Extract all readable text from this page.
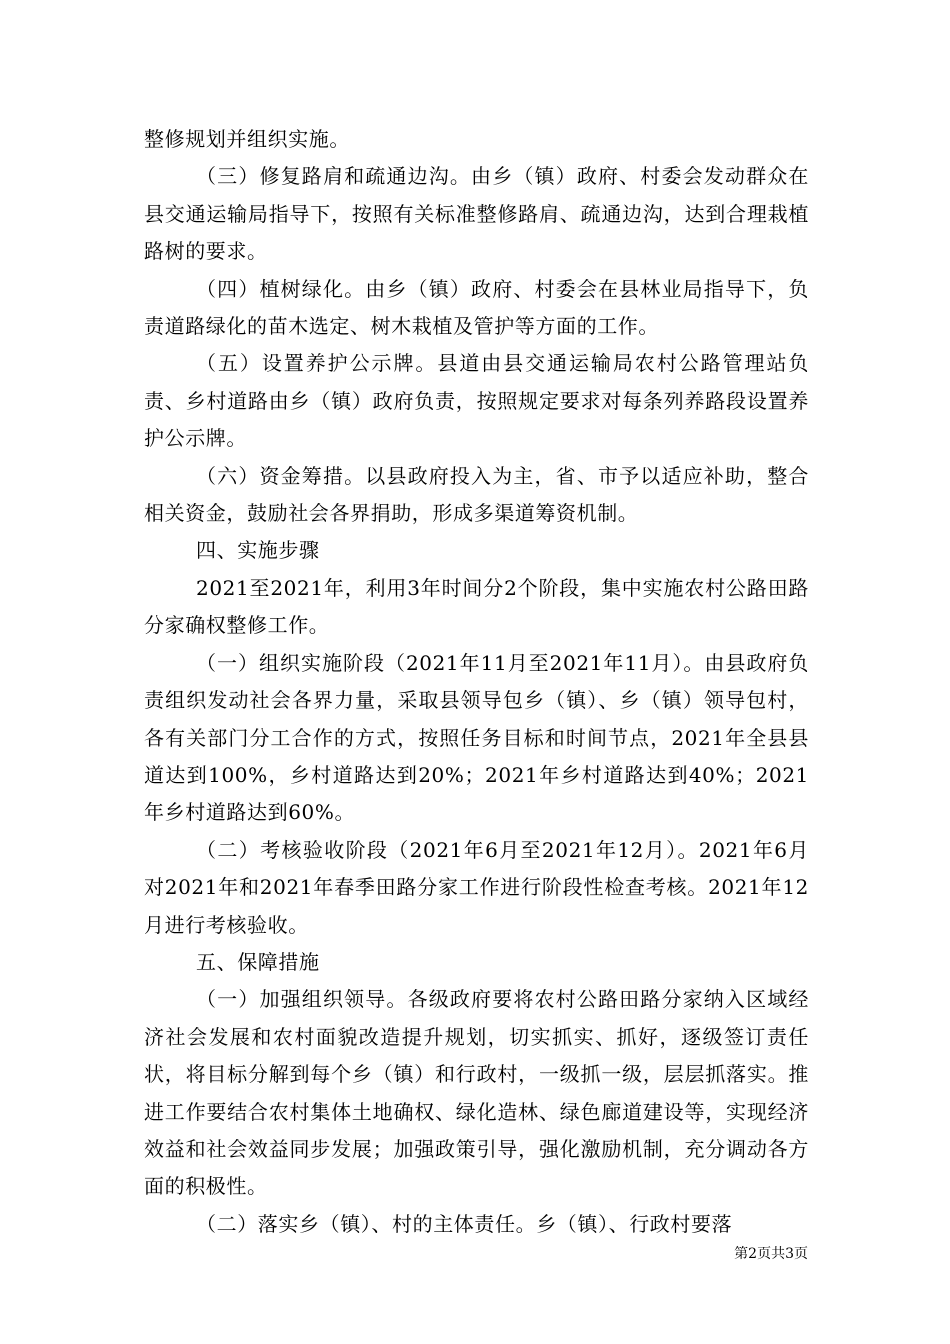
整修规划并组织实施。

（三）修复路肩和疏通边沟。由乡（镇）政府、村委会发动群众在县交通运输局指导下，按照有关标准整修路肩、疏通边沟，达到合理栽植路树的要求。

（四）植树绿化。由乡（镇）政府、村委会在县林业局指导下，负责道路绿化的苗木选定、树木栽植及管护等方面的工作。

（五）设置养护公示牌。县道由县交通运输局农村公路管理站负责、乡村道路由乡（镇）政府负责，按照规定要求对每条列养路段设置养护公示牌。

（六）资金筹措。以县政府投入为主，省、市予以适应补助，整合相关资金，鼓励社会各界捐助，形成多渠道筹资机制。

四、实施步骤

2021至2021年，利用3年时间分2个阶段，集中实施农村公路田路分家确权整修工作。

（一）组织实施阶段（2021年11月至2021年11月）。由县政府负责组织发动社会各界力量，采取县领导包乡（镇）、乡（镇）领导包村，各有关部门分工合作的方式，按照任务目标和时间节点，2021年全县县道达到100%，乡村道路达到20%；2021年乡村道路达到40%；2021年乡村道路达到60%。

（二）考核验收阶段（2021年6月至2021年12月）。2021年6月对2021年和2021年春季田路分家工作进行阶段性检查考核。2021年12月进行考核验收。

五、保障措施

（一）加强组织领导。各级政府要将农村公路田路分家纳入区域经济社会发展和农村面貌改造提升规划，切实抓实、抓好，逐级签订责任状，将目标分解到每个乡（镇）和行政村，一级抓一级，层层抓落实。推进工作要结合农村集体土地确权、绿化造林、绿色廊道建设等，实现经济效益和社会效益同步发展；加强政策引导，强化激励机制，充分调动各方面的积极性。

（二）落实乡（镇）、村的主体责任。乡（镇）、行政村要落

第2页共3页
